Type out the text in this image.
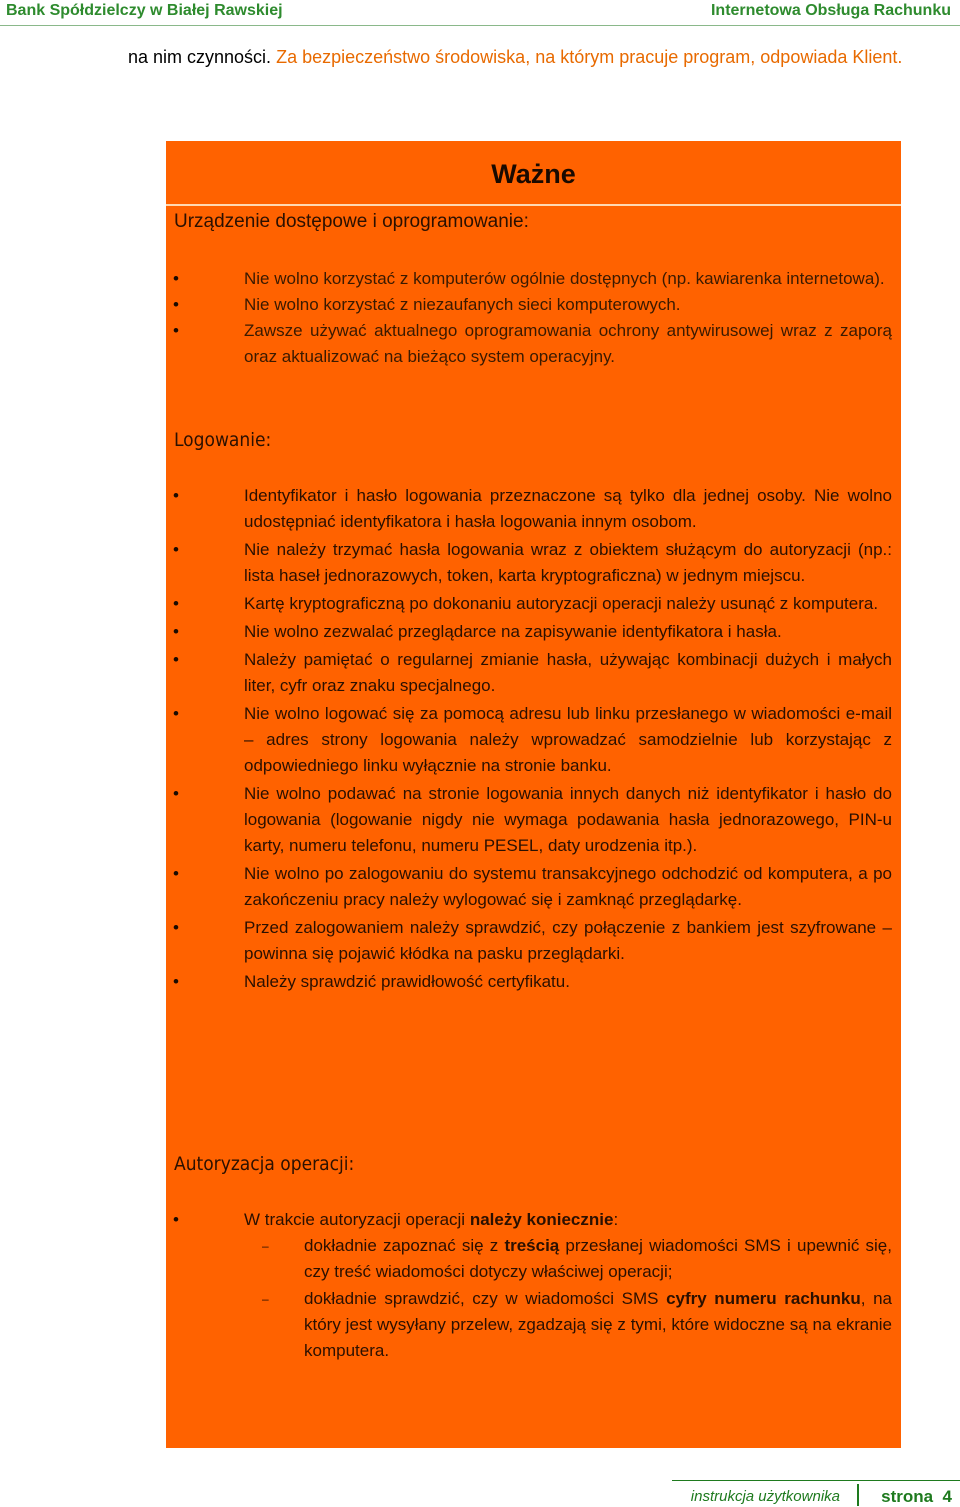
Bank Spółdzielczy w Białej Rawskiej	Internetowa Obsługa Rachunku
na nim czynności. Za bezpieczeństwo środowiska, na którym pracuje program, odpowiada Klient.
Ważne
Urządzenie dostępowe i oprogramowanie:
•	Nie wolno korzystać z komputerów ogólnie dostępnych (np. kawiarenka internetowa).
•	Nie wolno korzystać z niezaufanych sieci komputerowych.
•	Zawsze używać aktualnego oprogramowania ochrony antywirusowej wraz z zaporą oraz aktualizować na bieżąco system operacyjny.
Logowanie:
•	Identyfikator i hasło logowania przeznaczone są tylko dla jednej osoby. Nie wolno udostępniać identyfikatora i hasła logowania innym osobom.
•	Nie należy trzymać hasła logowania wraz z obiektem służącym do autoryzacji (np.: lista haseł jednorazowych, token, karta kryptograficzna) w jednym miejscu.
•	Kartę kryptograficzną po dokonaniu autoryzacji operacji należy usunąć z komputera.
•	Nie wolno zezwalać przeglądarce na zapisywanie identyfikatora i hasła.
•	Należy pamiętać o regularnej zmianie hasła, używając kombinacji dużych i małych liter, cyfr oraz znaku specjalnego.
•	Nie wolno logować się za pomocą adresu lub linku przesłanego w wiadomości e-mail – adres strony logowania należy wprowadzać samodzielnie lub korzystając z odpowiedniego linku wyłącznie na stronie banku.
•	Nie wolno podawać na stronie logowania innych danych niż identyfikator i hasło do logowania (logowanie nigdy nie wymaga podawania hasła jednorazowego, PIN-u karty, numeru telefonu, numeru PESEL, daty urodzenia itp.).
•	Nie wolno po zalogowaniu do systemu transakcyjnego odchodzić od komputera, a po zakończeniu pracy należy wylogować się i zamknąć przeglądarkę.
•	Przed zalogowaniem należy sprawdzić, czy połączenie z bankiem jest szyfrowane – powinna się pojawić kłódka na pasku przeglądarki.
•	Należy sprawdzić prawidłowość certyfikatu.
Autoryzacja operacji:
•	W trakcie autoryzacji operacji należy koniecznie:
– dokładnie zapoznać się z treścią przesłanej wiadomości SMS i upewnić się, czy treść wiadomości dotyczy właściwej operacji;
– dokładnie sprawdzić, czy w wiadomości SMS cyfry numeru rachunku, na który jest wysyłany przelew, zgadzają się z tymi, które widoczne są na ekranie komputera.
instrukcja użytkownika strona 4
